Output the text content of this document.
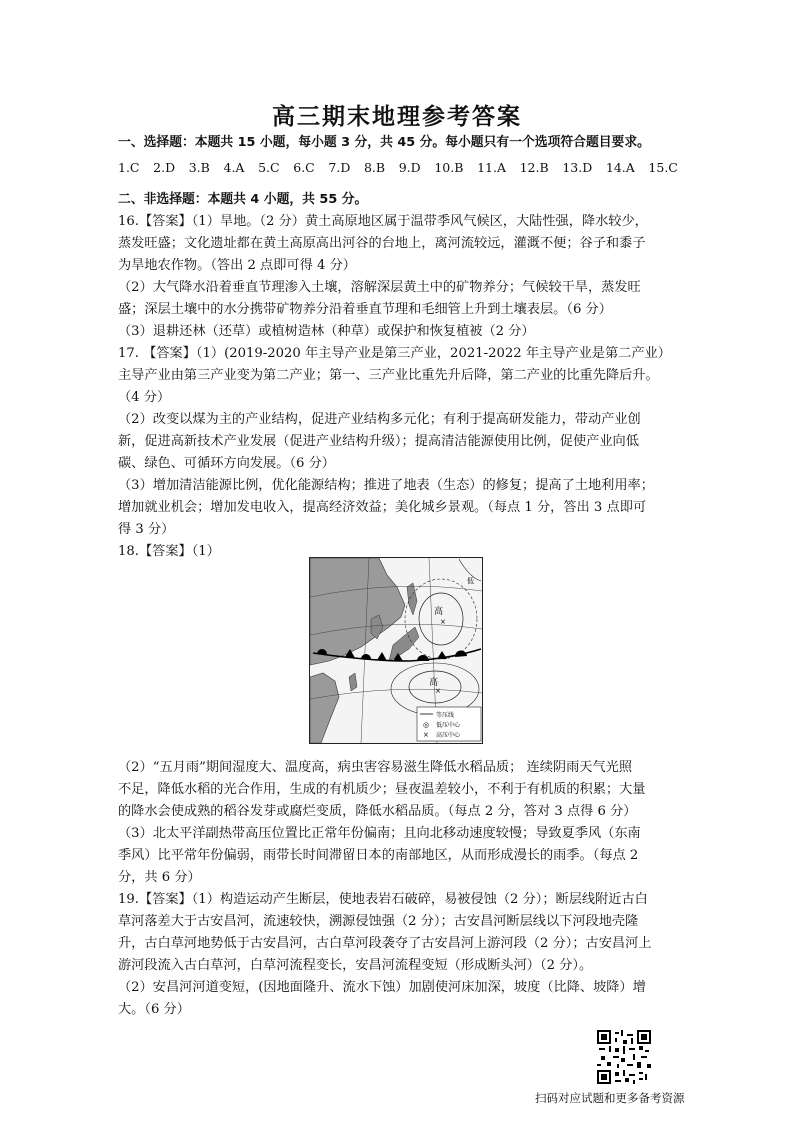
高三期末地理参考答案
一、选择题：本题共 15 小题，每小题 3 分，共 45 分。每小题只有一个选项符合题目要求。
1.C 2.D 3.B 4.A 5.C 6.C 7.D 8.B 9.D 10.B 11.A 12.B 13.D 14.A 15.C
二、非选择题：本题共 4 小题，共 55 分。
16.【答案】（1）旱地。（2 分）黄土高原地区属于温带季风气候区，大陆性强，降水较少，
蒸发旺盛；文化遗址都在黄土高原高出河谷的台地上，离河流较远，灌溉不便；谷子和黍子
为旱地农作物。（答出 2 点即可得 4 分）
（2）大气降水沿着垂直节理渗入土壤，溶解深层黄土中的矿物养分；气候较干旱，蒸发旺
盛；深层土壤中的水分携带矿物养分沿着垂直节理和毛细管上升到土壤表层。（6 分）
（3）退耕还林（还草）或植树造林（种草）或保护和恢复植被（2 分）
17. 【答案】（1）(2019-2020 年主导产业是第三产业，2021-2022 年主导产业是第二产业）
主导产业由第三产业变为第二产业；第一、三产业比重先升后降，第二产业的比重先降后升。
（4 分）
（2）改变以煤为主的产业结构，促进产业结构多元化；有利于提高研发能力，带动产业创
新，促进高新技术产业发展（促进产业结构升级）；提高清洁能源使用比例，促使产业向低
碳、绿色、可循环方向发展。（6 分）
（3）增加清洁能源比例，优化能源结构；推进了地表（生态）的修复；提高了土地利用率；
增加就业机会；增加发电收入，提高经济效益；美化城乡景观。（每点 1 分，答出 3 点即可
得 3 分）
18.【答案】（1）
高
×
高
×
低
等压线
◎ 低压中心
× 高压中心
（2）“五月雨”期间湿度大、温度高，病虫害容易滋生降低水稻品质； 连续阴雨天气光照
不足，降低水稻的光合作用，生成的有机质少；昼夜温差较小，不利于有机质的积累；大量
的降水会使成熟的稻谷发芽或腐烂变质，降低水稻品质。（每点 2 分，答对 3 点得 6 分）
（3）北太平洋副热带高压位置比正常年份偏南；且向北移动速度较慢；导致夏季风（东南
季风）比平常年份偏弱，雨带长时间滞留日本的南部地区，从而形成漫长的雨季。（每点 2
分，共 6 分）
19.【答案】（1）构造运动产生断层，使地表岩石破碎，易被侵蚀（2 分）；断层线附近古白
草河落差大于古安昌河，流速较快，溯源侵蚀强（2 分）；古安昌河断层线以下河段地壳隆
升，古白草河地势低于古安昌河，古白草河段袭夺了古安昌河上游河段（2 分）；古安昌河上
游河段流入古白草河，白草河流程变长，安昌河流程变短（形成断头河）（2 分）。
（2）安昌河河道变短，(因地面隆升、流水下蚀）加剧使河床加深，坡度（比降、坡降）增
大。（6 分）
扫码对应试题和更多备考资源
